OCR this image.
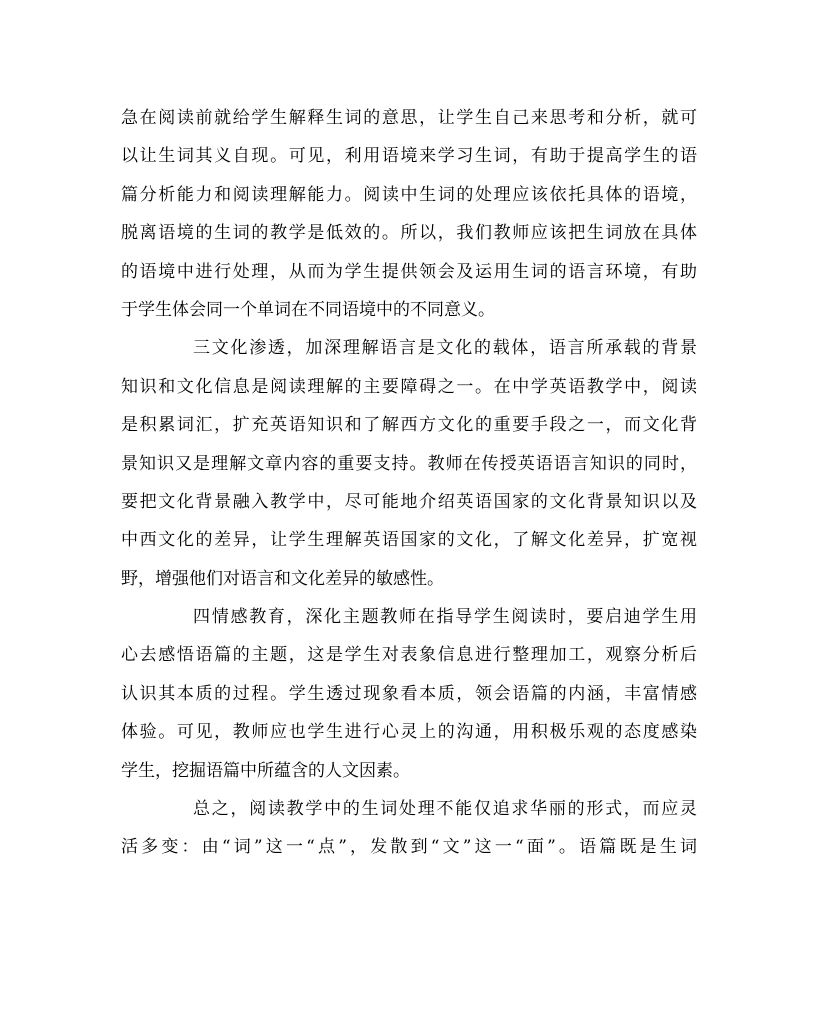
急在阅读前就给学生解释生词的意思，让学生自己来思考和分析，就可
以让生词其义自现。可见，利用语境来学习生词，有助于提高学生的语
篇分析能力和阅读理解能力。阅读中生词的处理应该依托具体的语境，
脱离语境的生词的教学是低效的。所以，我们教师应该把生词放在具体
的语境中进行处理，从而为学生提供领会及运用生词的语言环境，有助
于学生体会同一个单词在不同语境中的不同意义。
三文化渗透，加深理解语言是文化的载体，语言所承载的背景
知识和文化信息是阅读理解的主要障碍之一。在中学英语教学中，阅读
是积累词汇，扩充英语知识和了解西方文化的重要手段之一，而文化背
景知识又是理解文章内容的重要支持。教师在传授英语语言知识的同时，
要把文化背景融入教学中，尽可能地介绍英语国家的文化背景知识以及
中西文化的差异，让学生理解英语国家的文化，了解文化差异，扩宽视
野，增强他们对语言和文化差异的敏感性。
四情感教育，深化主题教师在指导学生阅读时，要启迪学生用
心去感悟语篇的主题，这是学生对表象信息进行整理加工，观察分析后
认识其本质的过程。学生透过现象看本质，领会语篇的内涵，丰富情感
体验。可见，教师应也学生进行心灵上的沟通，用积极乐观的态度感染
学生，挖掘语篇中所蕴含的人文因素。
总之，阅读教学中的生词处理不能仅追求华丽的形式，而应灵
活多变：由“词”这一“点”，发散到“文”这一“面”。语篇既是生词
